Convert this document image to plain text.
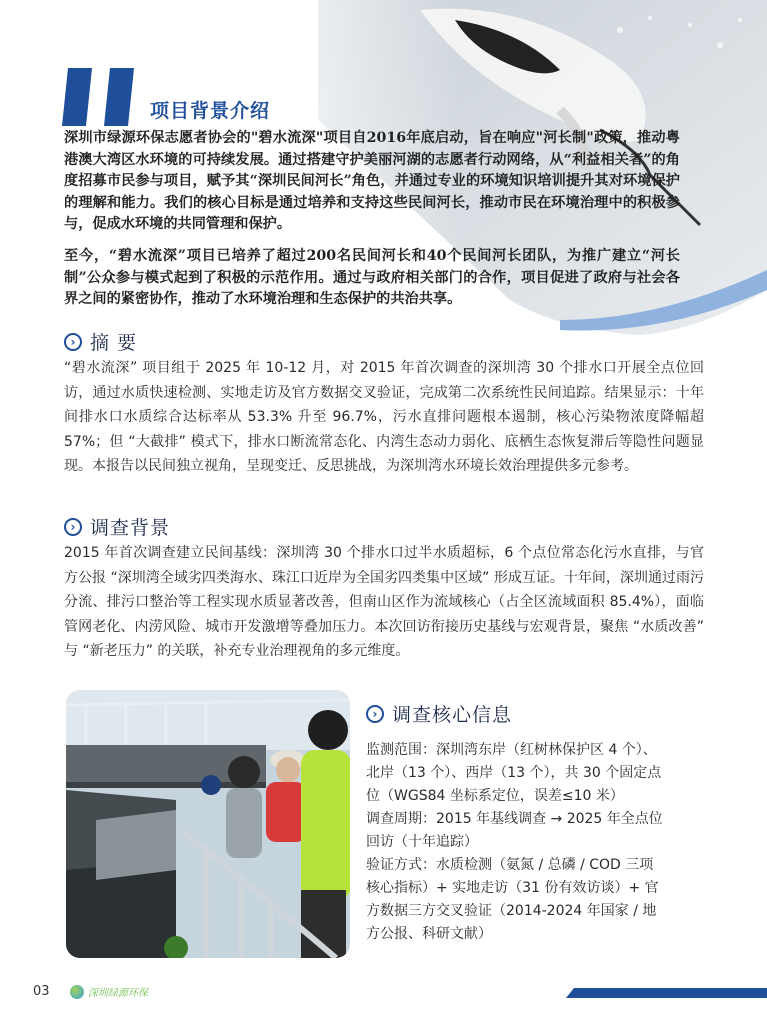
项目背景介绍
深圳市绿源环保志愿者协会的"碧水流深"项目自2016年底启动，旨在响应"河长制"政策，推动粤港澳大湾区水环境的可持续发展。通过搭建守护美丽河湖的志愿者行动网络，从“利益相关者”的角度招募市民参与项目，赋予其“深圳民间河长”角色，并通过专业的环境知识培训提升其对环境保护的理解和能力。我们的核心目标是通过培养和支持这些民间河长，推动市民在环境治理中的积极参与，促成水环境的共同管理和保护。
至今，“碧水流深”项目已培养了超过200名民间河长和40个民间河长团队，为推广建立“河长制”公众参与模式起到了积极的示范作用。通过与政府相关部门的合作，项目促进了政府与社会各界之间的紧密协作，推动了水环境治理和生态保护的共治共享。
› 摘 要
“碧水流深” 项目组于 2025 年 10-12 月，对 2015 年首次调查的深圳湾 30 个排水口开展全点位回访，通过水质快速检测、实地走访及官方数据交叉验证，完成第二次系统性民间追踪。结果显示：十年间排水口水质综合达标率从 53.3% 升至 96.7%，污水直排问题根本遏制，核心污染物浓度降幅超 57%；但 “大截排” 模式下，排水口断流常态化、内湾生态动力弱化、底栖生态恢复滞后等隐性问题显现。本报告以民间独立视角，呈现变迁、反思挑战，为深圳湾水环境长效治理提供多元参考。
› 调查背景
2015 年首次调查建立民间基线：深圳湾 30 个排水口过半水质超标，6 个点位常态化污水直排，与官方公报 “深圳湾全域劣四类海水、珠江口近岸为全国劣四类集中区域” 形成互证。十年间，深圳通过雨污分流、排污口整治等工程实现水质显著改善，但南山区作为流域核心（占全区流域面积 85.4%），面临管网老化、内涝风险、城市开发激增等叠加压力。本次回访衔接历史基线与宏观背景，聚焦 “水质改善” 与 “新老压力” 的关联，补充专业治理视角的多元维度。
› 调查核心信息

监测范围：深圳湾东岸（红树林保护区 4 个）、北岸（13 个）、西岸（13 个），共 30 个固定点位（WGS84 坐标系定位，误差≤10 米）

调查周期：2015 年基线调查 → 2025 年全点位回访（十年追踪）

验证方式：水质检测（氨氮 / 总磷 / COD 三项核心指标）+ 实地走访（31 份有效访谈）+ 官方数据三方交叉验证（2014-2024 年国家 / 地方公报、科研文献）

03	深圳绿源环保
